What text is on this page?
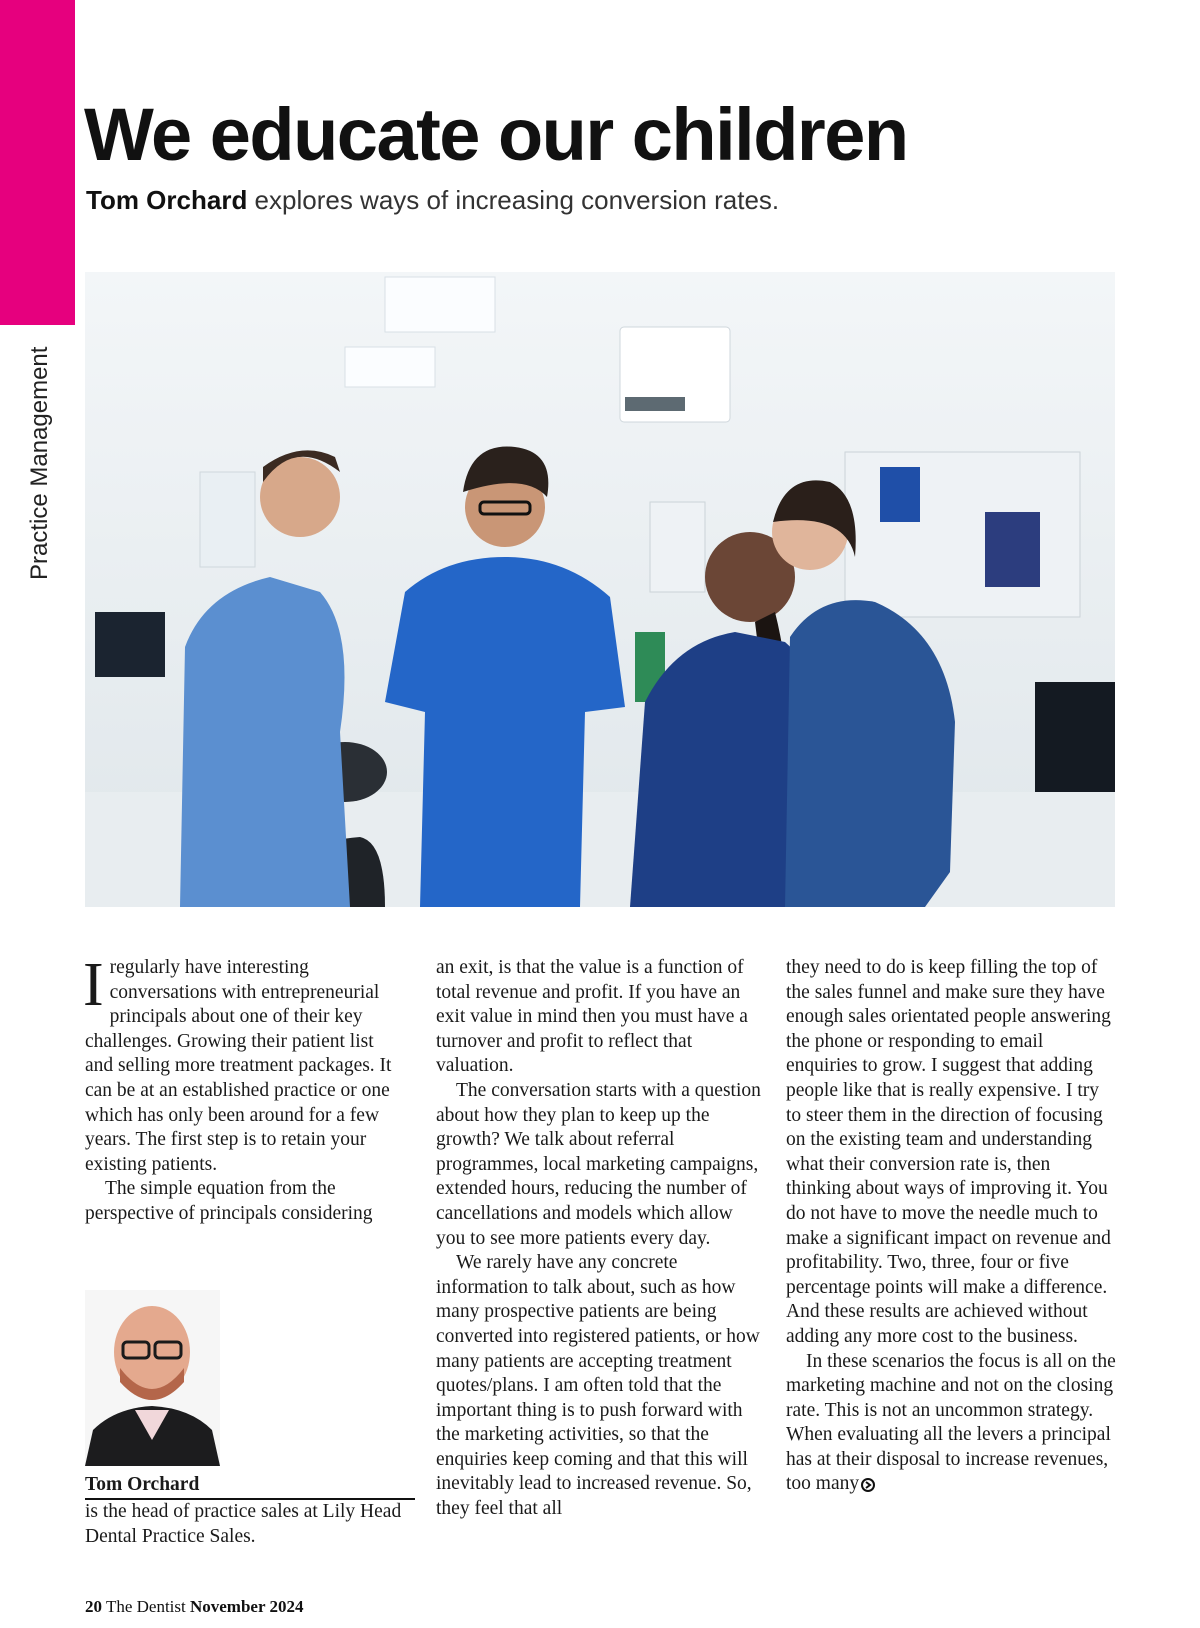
Practice Management
We educate our children
Tom Orchard explores ways of increasing conversion rates.

Iregularly have interesting conversations with entrepreneurial principals about one of their key challenges. Growing their patient list and selling more treatment packages. It can be at an established practice or one which has only been around for a few years. The first step is to retain your existing patients.

The simple equation from the perspective of principals considering

an exit, is that the value is a function of total revenue and profit. If you have an exit value in mind then you must have a turnover and profit to reflect that valuation.

The conversation starts with a question about how they plan to keep up the growth? We talk about referral programmes, local marketing campaigns, extended hours, reducing the number of cancellations and models which allow you to see more patients every day.

We rarely have any concrete information to talk about, such as how many prospective patients are being converted into registered patients, or how many patients are accepting treatment quotes/plans. I am often told that the important thing is to push forward with the marketing activities, so that the enquiries keep coming and that this will inevitably lead to increased revenue. So, they feel that all

they need to do is keep filling the top of the sales funnel and make sure they have enough sales orientated people answering the phone or responding to email enquiries to grow. I suggest that adding people like that is really expensive. I try to steer them in the direction of focusing on the existing team and understanding what their conversion rate is, then thinking about ways of improving it. You do not have to move the needle much to make a significant impact on revenue and profitability. Two, three, four or five percentage points will make a difference. And these results are achieved without adding any more cost to the business.

In these scenarios the focus is all on the marketing machine and not on the closing rate. This is not an uncommon strategy. When evaluating all the levers a principal has at their disposal to increase revenues, too many

Tom Orchard
is the head of practice sales at Lily Head Dental Practice Sales.
20 The Dentist November 2024
